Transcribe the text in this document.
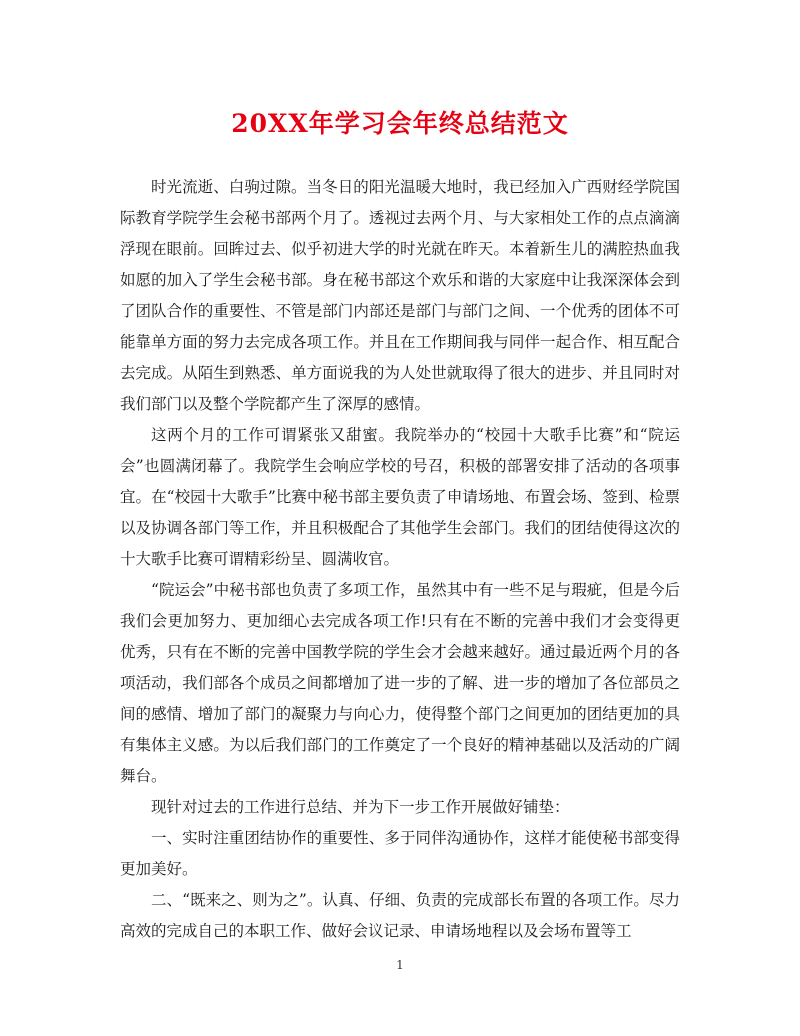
20XX年学习会年终总结范文

时光流逝、白驹过隙。当冬日的阳光温暖大地时，我已经加入广西财经学院国际教育学院学生会秘书部两个月了。透视过去两个月、与大家相处工作的点点滴滴浮现在眼前。回眸过去、似乎初进大学的时光就在昨天。本着新生儿的满腔热血我如愿的加入了学生会秘书部。身在秘书部这个欢乐和谐的大家庭中让我深深体会到了团队合作的重要性、不管是部门内部还是部门与部门之间、一个优秀的团体不可能靠单方面的努力去完成各项工作。并且在工作期间我与同伴一起合作、相互配合去完成。从陌生到熟悉、单方面说我的为人处世就取得了很大的进步、并且同时对我们部门以及整个学院都产生了深厚的感情。

这两个月的工作可谓紧张又甜蜜。我院举办的“校园十大歌手比赛”和“院运会”也圆满闭幕了。我院学生会响应学校的号召，积极的部署安排了活动的各项事宜。在“校园十大歌手”比赛中秘书部主要负责了申请场地、布置会场、签到、检票以及协调各部门等工作，并且积极配合了其他学生会部门。我们的团结使得这次的十大歌手比赛可谓精彩纷呈、圆满收官。

“院运会”中秘书部也负责了多项工作，虽然其中有一些不足与瑕疵，但是今后我们会更加努力、更加细心去完成各项工作!只有在不断的完善中我们才会变得更优秀，只有在不断的完善中国教学院的学生会才会越来越好。通过最近两个月的各项活动，我们部各个成员之间都增加了进一步的了解、进一步的增加了各位部员之间的感情、增加了部门的凝聚力与向心力，使得整个部门之间更加的团结更加的具有集体主义感。为以后我们部门的工作奠定了一个良好的精神基础以及活动的广阔舞台。

现针对过去的工作进行总结、并为下一步工作开展做好铺垫：

一、实时注重团结协作的重要性、多于同伴沟通协作，这样才能使秘书部变得更加美好。

二、“既来之、则为之”。认真、仔细、负责的完成部长布置的各项工作。尽力高效的完成自己的本职工作、做好会议记录、申请场地程以及会场布置等工

1
